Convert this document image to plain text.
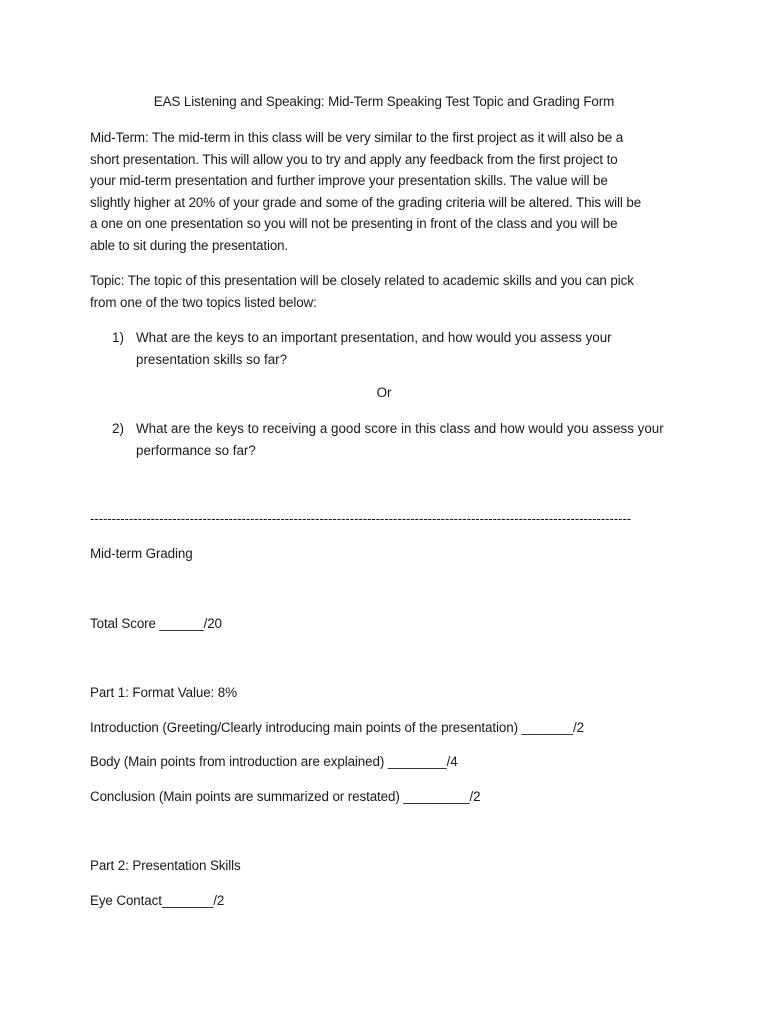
EAS Listening and Speaking: Mid-Term Speaking Test Topic and Grading Form

Mid-Term: The mid-term in this class will be very similar to the first project as it will also be a

short presentation. This will allow you to try and apply any feedback from the first project to

your mid-term presentation and further improve your presentation skills. The value will be

slightly higher at 20% of your grade and some of the grading criteria will be altered. This will be

a one on one presentation so you will not be presenting in front of the class and you will be

able to sit during the presentation.

Topic: The topic of this presentation will be closely related to academic skills and you can pick

from one of the two topics listed below:

1) What are the keys to an important presentation, and how would you assess your

presentation skills so far?

Or
2) What are the keys to receiving a good score in this class and how would you assess your

performance so far?

-----------------------------------------------------------------------------------------------------------------------------
Mid-term Grading
Total Score ______/20
Part 1: Format Value: 8%
Introduction (Greeting/Clearly introducing main points of the presentation) _______/2
Body (Main points from introduction are explained) ________/4
Conclusion (Main points are summarized or restated) _________/2
Part 2: Presentation Skills
Eye Contact_______/2
